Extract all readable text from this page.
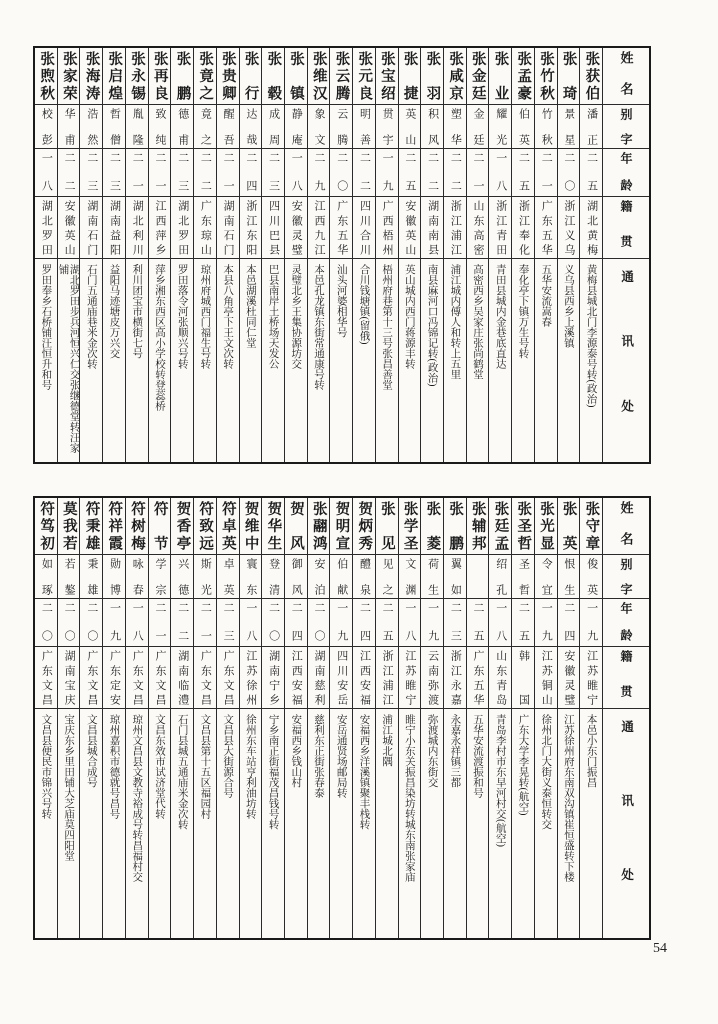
姓名
别字
年龄
籍贯
通讯处
张获伯
潘正
二五
湖北黄梅
黄梅县城北门李源泰号转(政治)
张琦
景星
二〇
浙江义乌
义乌县西乡上溪镇
张竹秋
竹秋
二一
广东五华
五华安流嵩春
张孟豪
伯英
二五
浙江奉化
奉化亭下镇万生号转
张业
耀光
一八
浙江青田
青田县城内金巷底直达
张金廷
金廷
二一
山东高密
高密西乡吴家庄张尚鹤堂
张咸京
塑华
二二
浙江浦江
浦江城内傅人和转上五里
张羽
积风
二二
湖南南县
南县麻河口冯锦记转(政治)
张捷
英山
二五
安徽英山
英山城内西门蒋源丰转
张宝绍
贯宇
一九
广西梧州
梧州府巷第十三号张昌善堂
张元良
明善
二二
四川合川
合川钱塘镇(留俄)
张云腾
云腾
二〇
广东五华
汕头河婆相华号
张维汉
象文
二九
江西九江
本邑孔龙镇东街常通康号转
张镇
静庵
一八
安徽灵璧
灵璧北乡王集协源坊交
张毂
成周
二三
四川巴县
巴县南岸土桥场天发公
张行
达哉
二四
浙江东阳
本邑湖溪杜同仁堂
张贵卿
醒吾
二一
湖南石门
本县八角亭下王文次转
张竟之
竟之
二二
广东琼山
琼州府城西门福生号转
张鹏
德甫
二三
湖北罗田
罗田落令河张顺兴号转
张再良
致纯
二一
江西萍乡
萍乡湘东西区高小学校转登蕊桥
张永锡
胤隆
二一
湖北利川
利川团宝市横街七号
张启煌
哲僧
二三
湖南益阳
益阳马迹塘皮万兴交
张海涛
浩然
二三
湖南石门
石门五通庙巷米金次转
张家荣
华甫
二二
安徽英山
湖北罗田步兵河恒兴仁交张继德堂转汪家铺
张煦秋
校彭
一八
湖北罗田
罗田奉乡石桥铺汪恒升和号
姓名
别字
年龄
籍贯
通讯处
张守章
俊英
一九
江苏睢宁
本邑小东门振昌
张英
恨生
二四
安徽灵璧
江苏徐州府东南双沟镇崔恒盛转下楼
张光显
令宜
一九
江苏铜山
徐州北门大街义泰恒转交
张圣哲
圣哲
二五
韩国
广东大学李晃转(航空)
张廷孟
绍孔
一八
山东青岛
青岛李村市东早河村交(航空)
张辅邦
二五
广东五华
五华安流渡振和号
张鹏
翼如
二三
浙江永嘉
永嘉永祥镇三都
张菱
荷生
一九
云南弥渡
弥渡城内东街交
张学圣
文渊
一八
江苏睢宁
睢宁小东关振昌染坊转城东南张家庙
张见
见之
二五
浙江浦江
浦江城北隅
贺炳秀
醴泉
二四
江西安福
安福西乡洋溪镇聚丰栈转
贺明宣
伯献
一九
四川安岳
安岳通贤场邮局转
张翮鸿
安泊
二〇
湖南慈利
慈利东正街张春泰
贺风
御风
二四
江西安福
安福西乡钱山村
贺华生
登清
二〇
湖南宁乡
宁乡南正街福茂昌钱号转
贺维中
寰东
一八
江苏徐州
徐州东车站亨利油坊转
符卓英
卓英
二三
广东文昌
文昌县大街源合号
符致远
斯光
二一
广东文昌
文昌县第十五区福园村
贺香亭
兴德
二二
湖南临澧
石门县城五通庙米金次转
符节
学宗
二一
广东文昌
文昌东效市试济堂代转
符树梅
咏春
一八
广东文昌
琼州文昌县文教寺裕成号转昌福村交
符祥霞
勋博
一九
广东定安
琼州嘉积市德就号昌号
符秉雄
秉雄
二〇
广东文昌
文昌县城合成号
莫我若
若鏊
二〇
湖南宝庆
宝庆东乡里田铺大芝庙莫四阳堂
符笃初
如琢
二〇
广东文昌
文昌县便民市锦兴号转
54
